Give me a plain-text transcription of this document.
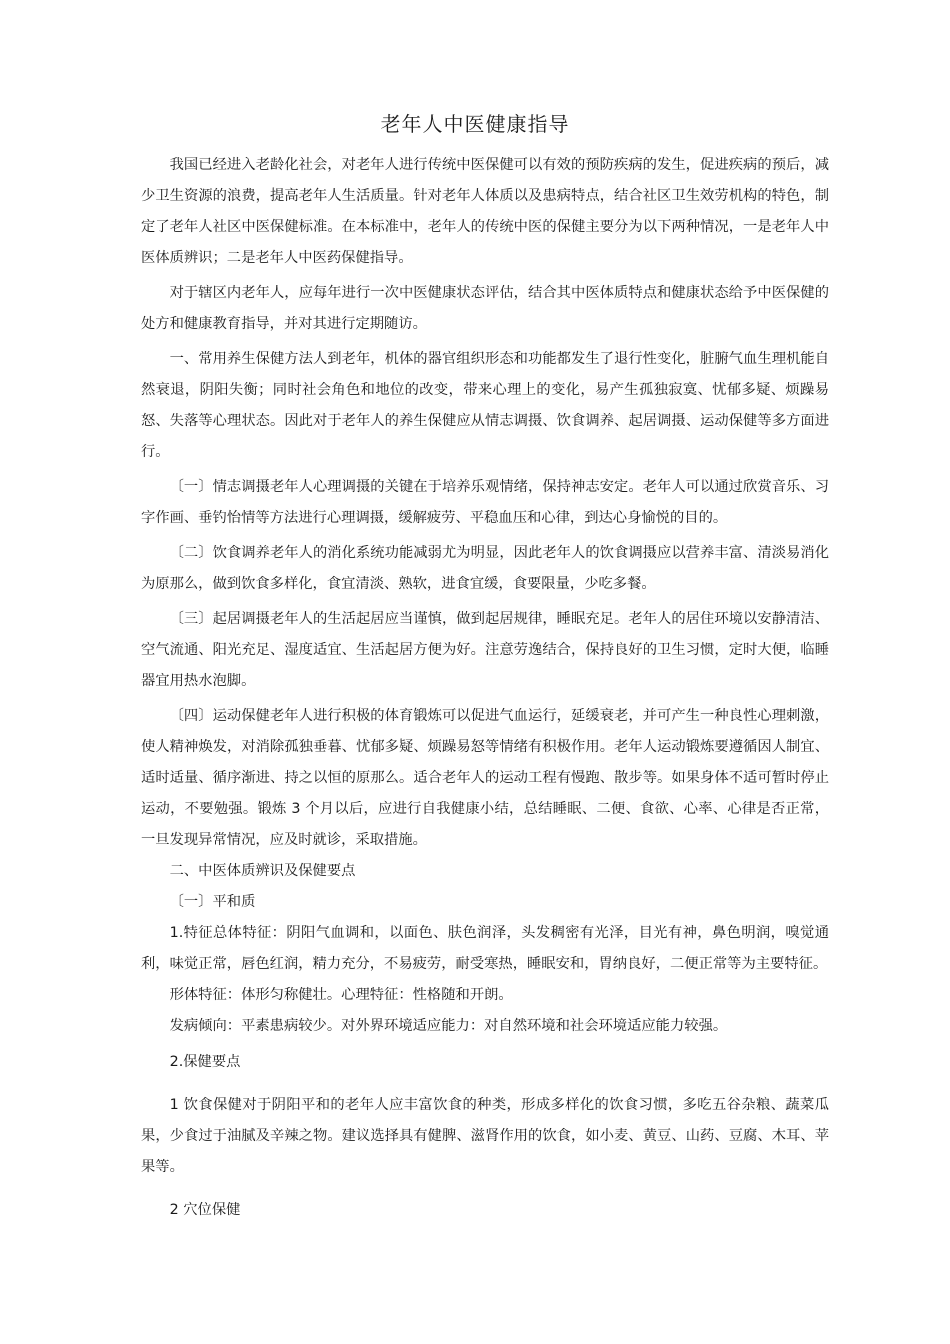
老年人中医健康指导

我国已经进入老龄化社会，对老年人进行传统中医保健可以有效的预防疾病的发生，促进疾病的预后，减少卫生资源的浪费，提高老年人生活质量。针对老年人体质以及患病特点，结合社区卫生效劳机构的特色，制定了老年人社区中医保健标准。在本标准中，老年人的传统中医的保健主要分为以下两种情况，一是老年人中医体质辨识；二是老年人中医药保健指导。

对于辖区内老年人，应每年进行一次中医健康状态评估，结合其中医体质特点和健康状态给予中医保健的处方和健康教育指导，并对其进行定期随访。

一、常用养生保健方法人到老年，机体的器官组织形态和功能都发生了退行性变化，脏腑气血生理机能自然衰退，阴阳失衡；同时社会角色和地位的改变，带来心理上的变化，易产生孤独寂寞、忧郁多疑、烦躁易怒、失落等心理状态。因此对于老年人的养生保健应从情志调摄、饮食调养、起居调摄、运动保健等多方面进行。

〔一〕情志调摄老年人心理调摄的关键在于培养乐观情绪，保持神志安定。老年人可以通过欣赏音乐、习字作画、垂钓怡情等方法进行心理调摄，缓解疲劳、平稳血压和心律，到达心身愉悦的目的。

〔二〕饮食调养老年人的消化系统功能减弱尤为明显，因此老年人的饮食调摄应以营养丰富、清淡易消化为原那么，做到饮食多样化，食宜清淡、熟软，进食宜缓，食要限量，少吃多餐。

〔三〕起居调摄老年人的生活起居应当谨慎，做到起居规律，睡眠充足。老年人的居住环境以安静清洁、空气流通、阳光充足、湿度适宜、生活起居方便为好。注意劳逸结合，保持良好的卫生习惯，定时大便，临睡器宜用热水泡脚。

〔四〕运动保健老年人进行积极的体育锻炼可以促进气血运行，延缓衰老，并可产生一种良性心理刺激，使人精神焕发，对消除孤独垂暮、忧郁多疑、烦躁易怒等情绪有积极作用。老年人运动锻炼要遵循因人制宜、适时适量、循序渐进、持之以恒的原那么。适合老年人的运动工程有慢跑、散步等。如果身体不适可暂时停止运动，不要勉强。锻炼 3 个月以后，应进行自我健康小结，总结睡眠、二便、食欲、心率、心律是否正常，一旦发现异常情况，应及时就诊，采取措施。

二、中医体质辨识及保健要点

〔一〕平和质

1.特征总体特征：阴阳气血调和，以面色、肤色润泽，头发稠密有光泽，目光有神，鼻色明润，嗅觉通利，味觉正常，唇色红润，精力充分，不易疲劳，耐受寒热，睡眠安和，胃纳良好，二便正常等为主要特征。

形体特征：体形匀称健壮。心理特征：性格随和开朗。

发病倾向：平素患病较少。对外界环境适应能力：对自然环境和社会环境适应能力较强。

2.保健要点

1 饮食保健对于阴阳平和的老年人应丰富饮食的种类，形成多样化的饮食习惯，多吃五谷杂粮、蔬菜瓜果，少食过于油腻及辛辣之物。建议选择具有健脾、滋肾作用的饮食，如小麦、黄豆、山药、豆腐、木耳、苹果等。

2 穴位保健
